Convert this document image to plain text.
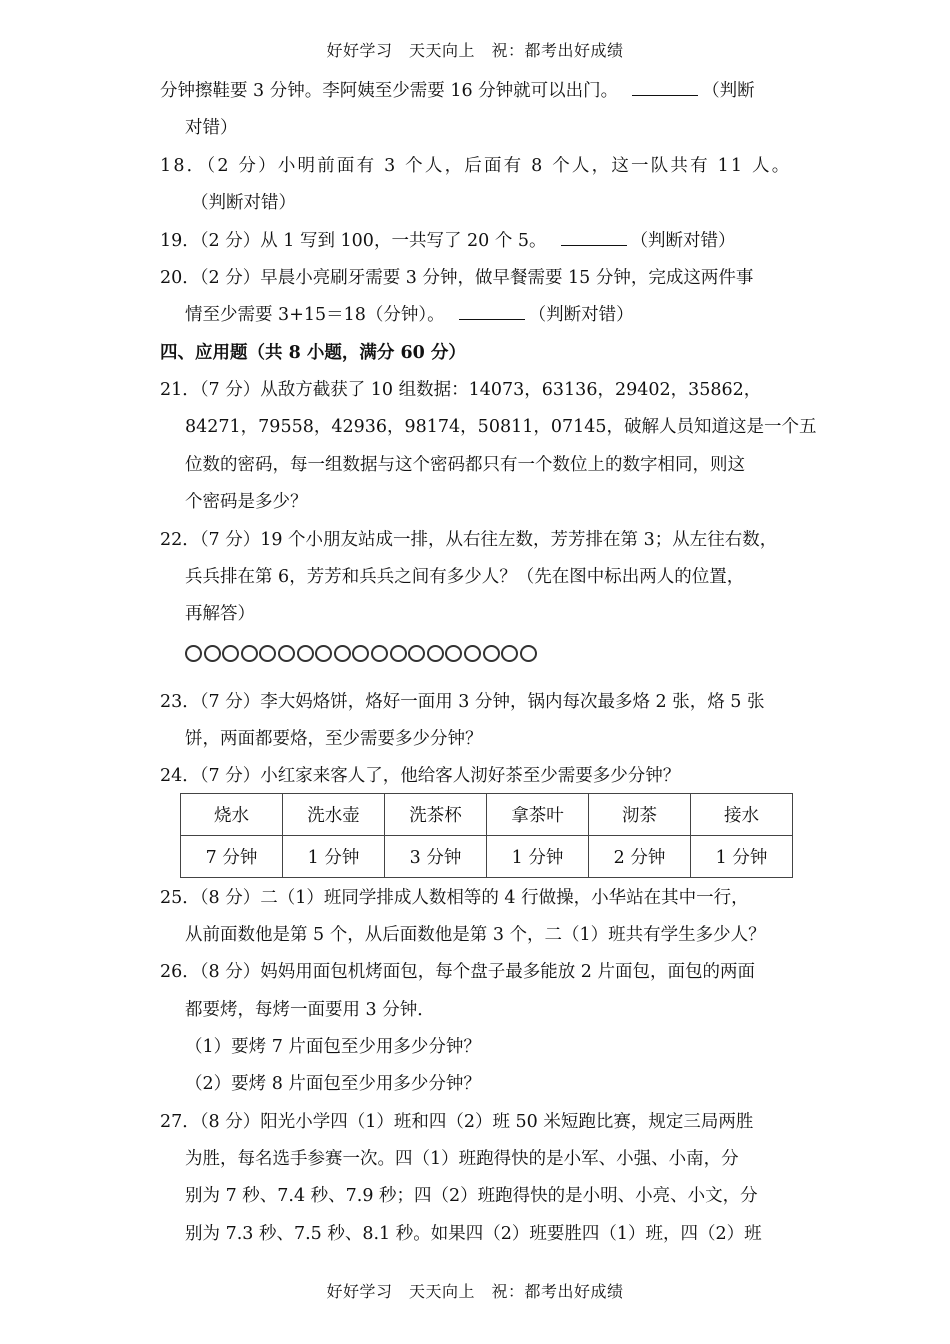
好好学习　天天向上　祝：都考出好成绩
分钟擦鞋要 3 分钟。李阿姨至少需要 16 分钟就可以出门。	（判断
对错）
18．（2 分）小明前面有 3 个人，后面有 8 个人，这一队共有 11 人。
（判断对错）
19．（2 分）从 1 写到 100，一共写了 20 个 5。	（判断对错）
20．（2 分）早晨小亮刷牙需要 3 分钟，做早餐需要 15 分钟，完成这两件事
情至少需要 3+15＝18（分钟）。	（判断对错）
四、应用题（共 8 小题，满分 60 分）
21．（7 分）从敌方截获了 10 组数据：14073，63136，29402，35862，
84271，79558，42936，98174，50811，07145，破解人员知道这是一个五
位数的密码，每一组数据与这个密码都只有一个数位上的数字相同，则这
个密码是多少？
22．（7 分）19 个小朋友站成一排，从右往左数，芳芳排在第 3；从左往右数，
兵兵排在第 6，芳芳和兵兵之间有多少人？（先在图中标出两人的位置，
再解答）
23．（7 分）李大妈烙饼，烙好一面用 3 分钟，锅内每次最多烙 2 张，烙 5 张
饼，两面都要烙，至少需要多少分钟？
24．（7 分）小红家来客人了，他给客人沏好茶至少需要多少分钟？
烧水	洗水壶	洗茶杯	拿茶叶	沏茶	接水
7 分钟	1 分钟	3 分钟	1 分钟	2 分钟	1 分钟
25．（8 分）二（1）班同学排成人数相等的 4 行做操，小华站在其中一行，
从前面数他是第 5 个，从后面数他是第 3 个，二（1）班共有学生多少人？
26．（8 分）妈妈用面包机烤面包，每个盘子最多能放 2 片面包，面包的两面
都要烤，每烤一面要用 3 分钟．
（1）要烤 7 片面包至少用多少分钟？
（2）要烤 8 片面包至少用多少分钟？
27．（8 分）阳光小学四（1）班和四（2）班 50 米短跑比赛，规定三局两胜
为胜，每名选手参赛一次。四（1）班跑得快的是小军、小强、小南，分
别为 7 秒、7.4 秒、7.9 秒；四（2）班跑得快的是小明、小亮、小文，分
别为 7.3 秒、7.5 秒、8.1 秒。如果四（2）班要胜四（1）班，四（2）班
好好学习　天天向上　祝：都考出好成绩
